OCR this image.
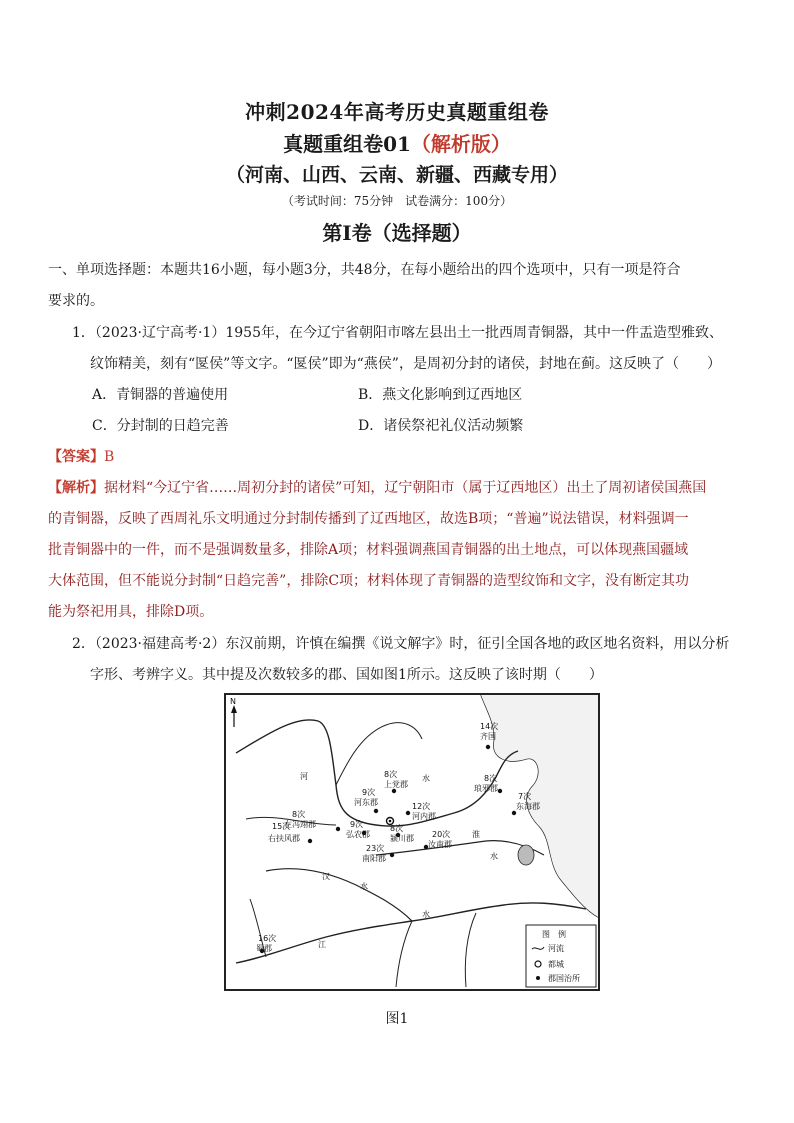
冲刺2024年高考历史真题重组卷
真题重组卷01（解析版）
（河南、山西、云南、新疆、西藏专用）
（考试时间：75分钟　试卷满分：100分）
第I卷（选择题）
一、单项选择题：本题共16小题，每小题3分，共48分，在每小题给出的四个选项中，只有一项是符合
要求的。
1．（2023·辽宁高考·1）1955年，在今辽宁省朝阳市喀左县出土一批西周青铜器，其中一件盂造型雅致、
纹饰精美，刻有“匽侯”等文字。“匽侯”即为“燕侯”，是周初分封的诸侯，封地在蓟。这反映了（　　）
A．青铜器的普遍使用	B．燕文化影响到辽西地区
C．分封制的日趋完善	D．诸侯祭祀礼仪活动频繁
【答案】B
【解析】据材料“今辽宁省……周初分封的诸侯”可知，辽宁朝阳市（属于辽西地区）出土了周初诸侯国燕国
的青铜器，反映了西周礼乐文明通过分封制传播到了辽西地区，故选B项；“普遍”说法错误，材料强调一
批青铜器中的一件，而不是强调数量多，排除A项；材料强调燕国青铜器的出土地点，可以体现燕国疆域
大体范围，但不能说分封制“日趋完善”，排除C项；材料体现了青铜器的造型纹饰和文字，没有断定其功
能为祭祀用具，排除D项。
2．（2023·福建高考·2）东汉前期，许慎在编撰《说文解字》时，征引全国各地的政区地名资料，用以分析
字形、考辨字义。其中提及次数较多的郡、国如图1所示。这反映了该时期（　　）
N
河	水
淮
水
汉
水
江
水
14次
齐国
8次
上党郡
8次
琅邪郡
7次
东海郡
9次
河东郡	12次
河内郡
8次
左冯翊郡
15次
右扶风郡
9次
弘农郡
8次
颍川郡 20次
汝南郡
23次
南阳郡
16次
蜀郡
图　例
河流
都城
郡国治所
图1
